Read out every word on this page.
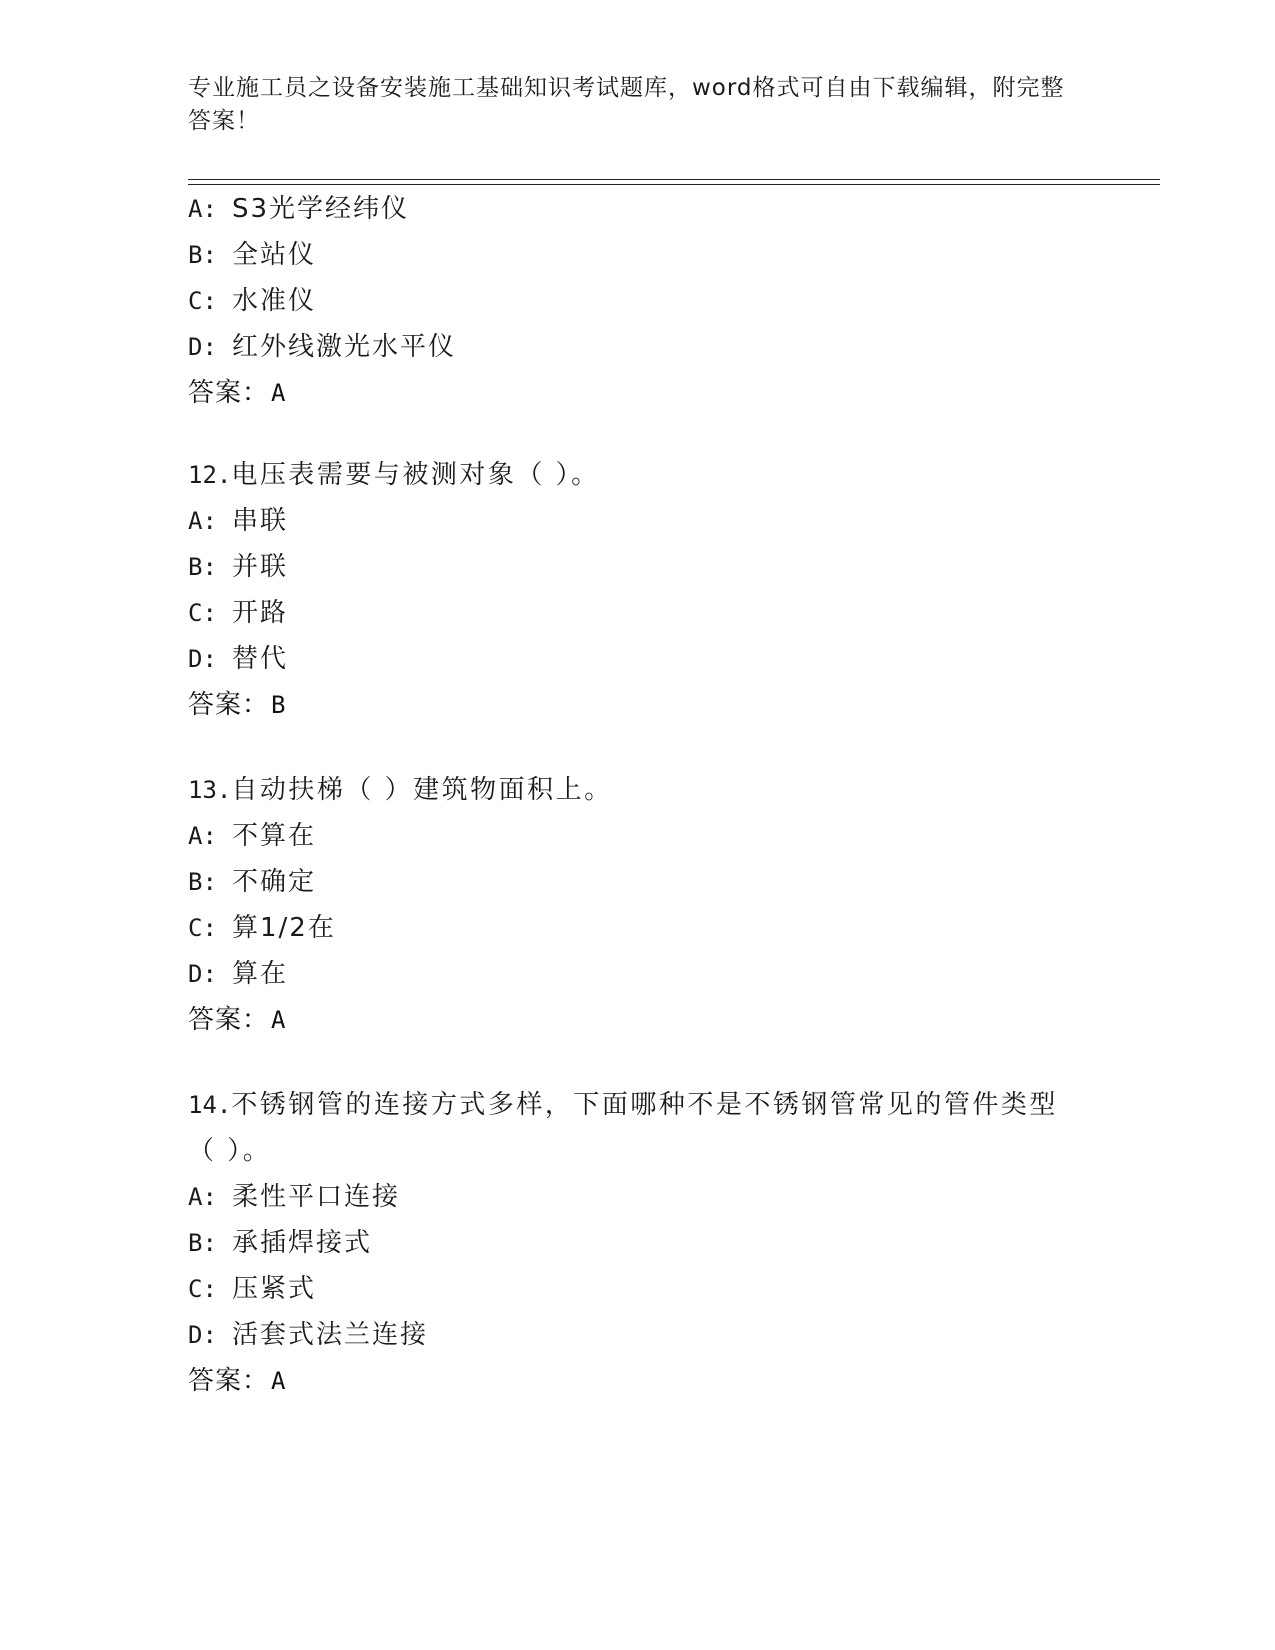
专业施工员之设备安装施工基础知识考试题库，word格式可自由下载编辑，附完整答案！
A: S3光学经纬仪
B: 全站仪
C: 水准仪
D: 红外线激光水平仪
答案：A
12.电压表需要与被测对象（ ）。
A: 串联
B: 并联
C: 开路
D: 替代
答案：B
13.自动扶梯（ ）建筑物面积上。
A: 不算在
B: 不确定
C: 算1/2在
D: 算在
答案：A
14.不锈钢管的连接方式多样，下面哪种不是不锈钢管常见的管件类型（ ）。
A: 柔性平口连接
B: 承插焊接式
C: 压紧式
D: 活套式法兰连接
答案：A
